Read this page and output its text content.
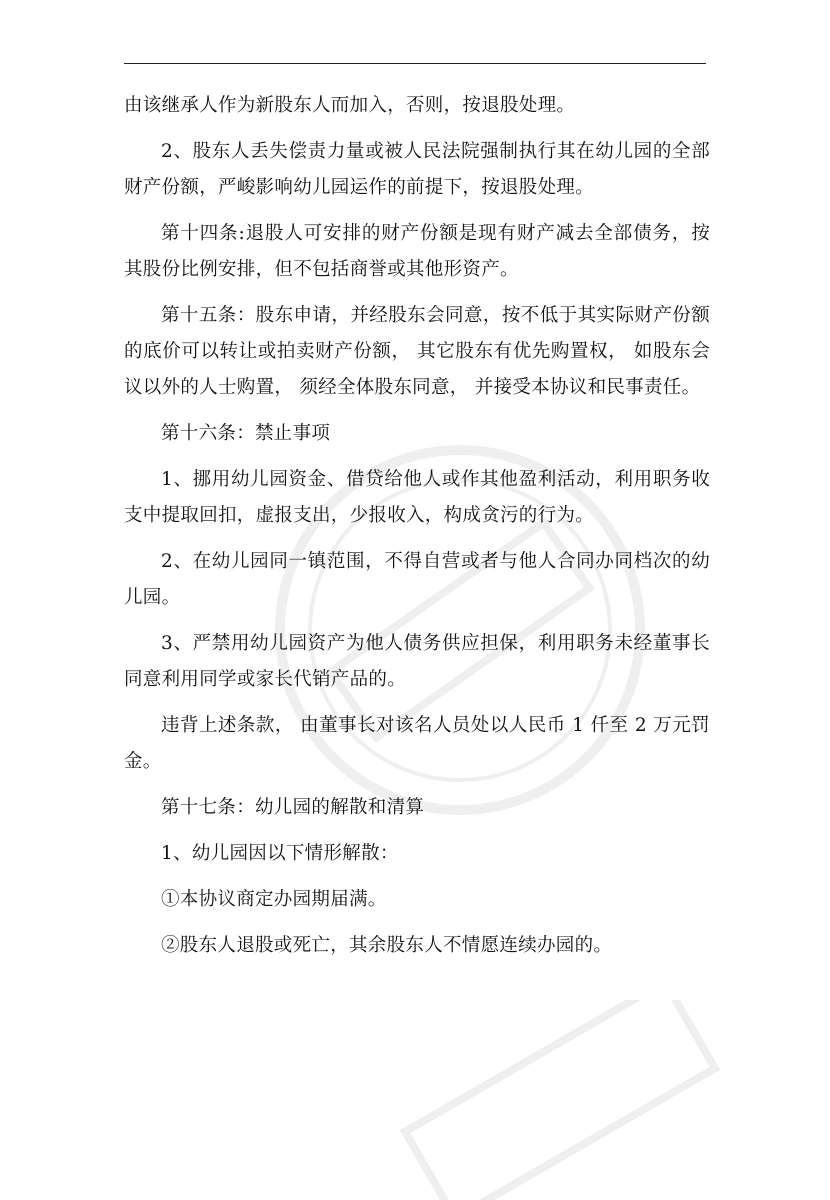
由该继承人作为新股东人而加入，否则，按退股处理。

2、股东人丢失偿责力量或被人民法院强制执行其在幼儿园的全部财产份额，严峻影响幼儿园运作的前提下，按退股处理。

第十四条:退股人可安排的财产份额是现有财产减去全部债务，按其股份比例安排，但不包括商誉或其他形资产。

第十五条：股东申请，并经股东会同意，按不低于其实际财产份额的底价可以转让或拍卖财产份额， 其它股东有优先购置权， 如股东会议以外的人士购置， 须经全体股东同意， 并接受本协议和民事责任。

第十六条：禁止事项

1、挪用幼儿园资金、借贷给他人或作其他盈利活动，利用职务收支中提取回扣，虚报支出，少报收入，构成贪污的行为。

2、在幼儿园同一镇范围，不得自营或者与他人合同办同档次的幼儿园。

3、严禁用幼儿园资产为他人债务供应担保，利用职务未经董事长同意利用同学或家长代销产品的。

违背上述条款， 由董事长对该名人员处以人民币 1 仟至 2 万元罚金。

第十七条：幼儿园的解散和清算

1、幼儿园因以下情形解散：

①本协议商定办园期届满。

②股东人退股或死亡，其余股东人不情愿连续办园的。
